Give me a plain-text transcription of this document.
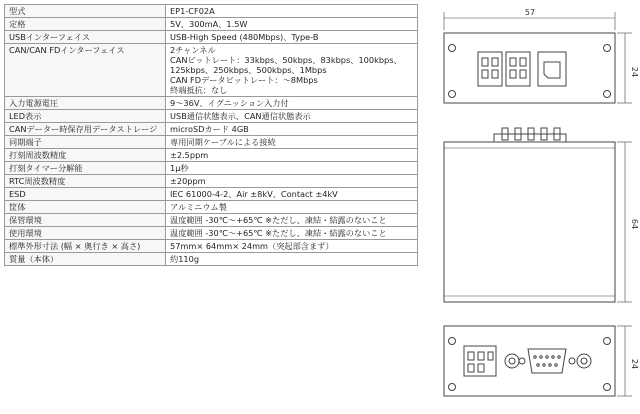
型式	EP1-CF02A

定格	5V、300mA、1.5W

USBインターフェイス	USB-High Speed (480Mbps)、Type-B

CAN/CAN FDインターフェイス	2チャンネル
CANビットレート：33kbps、50kbps、83kbps、100kbps、
125kbps、250kbps、500kbps、1Mbps
CAN FDデータビットレート：～8Mbps
終端抵抗：なし

入力電源電圧	9～36V、イグニッション入力付

LED表示	USB通信状態表示、CAN通信状態表示

CANデーター時保存用データストレージ	microSDカード 4GB

同期端子	専用同期ケーブルによる接続

打刻周波数精度	±2.5ppm

打刻タイマー分解能	1μ秒

RTC周波数精度	±20ppm

ESD	IEC 61000-4-2、Air ±8kV、Contact ±4kV

筐体	アルミニウム製

保管環境	温度範囲 -30℃～+65℃ ※ただし、凍結・結露のないこと

使用環境	温度範囲 -30℃～+65℃ ※ただし、凍結・結露のないこと

標準外形寸法 (幅 × 奥行き × 高さ)	57mm× 64mm× 24mm（突起部含まず）

質量（本体）	約110g
57
24
64
24
